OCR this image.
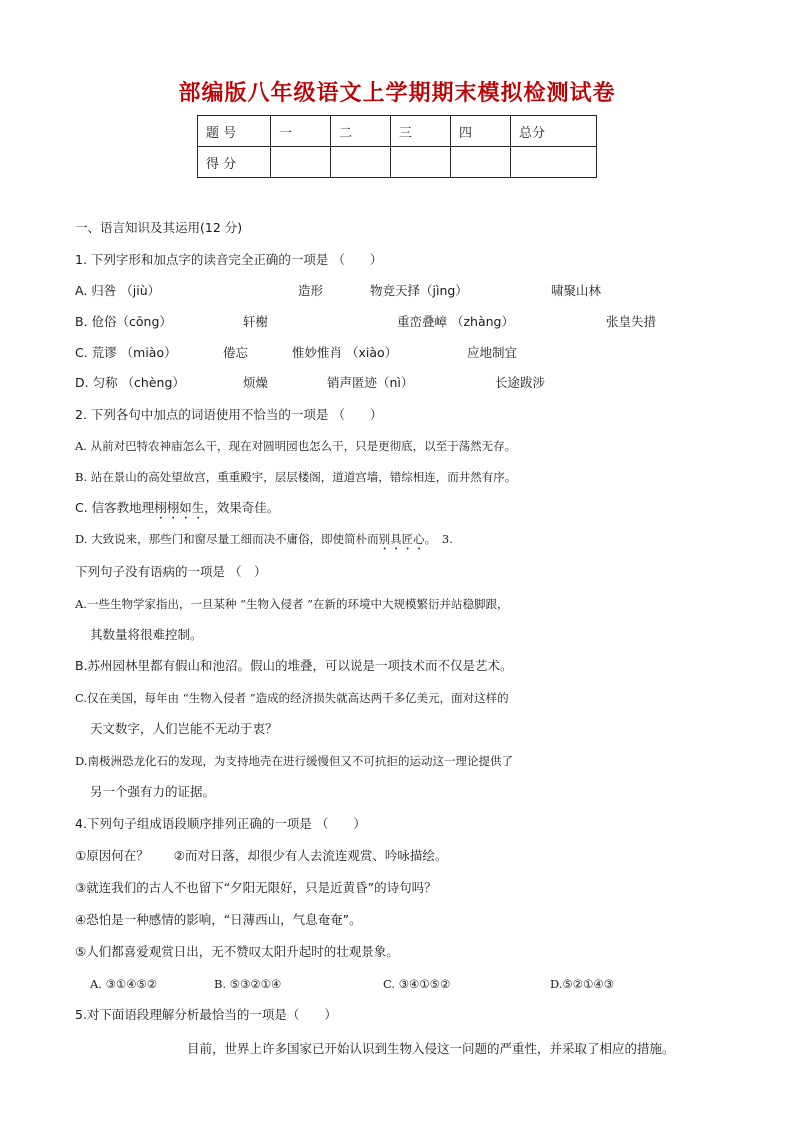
部编版八年级语文上学期期末模拟检测试卷
题 号	一	二	三	四	总分
得 分					
一、语言知识及其运用(12 分)
1. 下列字形和加点字的读音完全正确的一项是 （　　）
A. 归咎 （jiù）	造形	物竞天择（jìng）	啸聚山林
B. 伧俗（cōng）	轩榭	重峦叠嶂 （zhàng）	张皇失措
C. 荒谬 （miào）	倦忘	惟妙惟肖 （xiào）	应地制宜
D. 匀称 （chèng）	烦燥	销声匿迹（nì）	长途跋涉
2. 下列各句中加点的词语使用不恰当的一项是 （　　）
A. 从前对巴特农神庙怎么干，现在对圆明园也怎么干，只是更彻底，以至于荡然无存。
B. 站在景山的高处望故宫，重重殿宇，层层楼阁，道道宫墙，错综相连，而井然有序。
C. 信客教地理栩栩如生，效果奇佳。
D. 大致说来，那些门和窗尽量工细而决不庸俗，即使简朴而别具匠心。　3.
下列句子没有语病的一项是 （　）
A.一些生物学家指出，一旦某种 “生物入侵者 ”在新的环境中大规模繁衍并站稳脚跟，
其数量将很难控制。
B.苏州园林里都有假山和池沼。假山的堆叠，可以说是一项技术而不仅是艺术。
C.仅在美国，每年由 “生物入侵者 ”造成的经济损失就高达两千多亿美元，面对这样的
天文数字，人们岂能不无动于衷？
D.南极洲恐龙化石的发现，为支持地壳在进行缓慢但又不可抗拒的运动这一理论提供了
另一个强有力的证据。
4.下列句子组成语段顺序排列正确的一项是 （　　）
①原因何在？　　②而对日落，却很少有人去流连观赏、吟咏描绘。
③就连我们的古人不也留下“夕阳无限好，只是近黄昏”的诗句吗？
④恐怕是一种感情的影响，“日薄西山，气息奄奄”。
⑤人们都喜爱观赏日出，无不赞叹太阳升起时的壮观景象。
A. ③①④⑤②	B. ⑤③②①④	C. ③④①⑤②	D.⑤②①④③
5.对下面语段理解分析最恰当的一项是（　　）
目前，世界上许多国家已开始认识到生物入侵这一问题的严重性，并采取了相应的措施。
